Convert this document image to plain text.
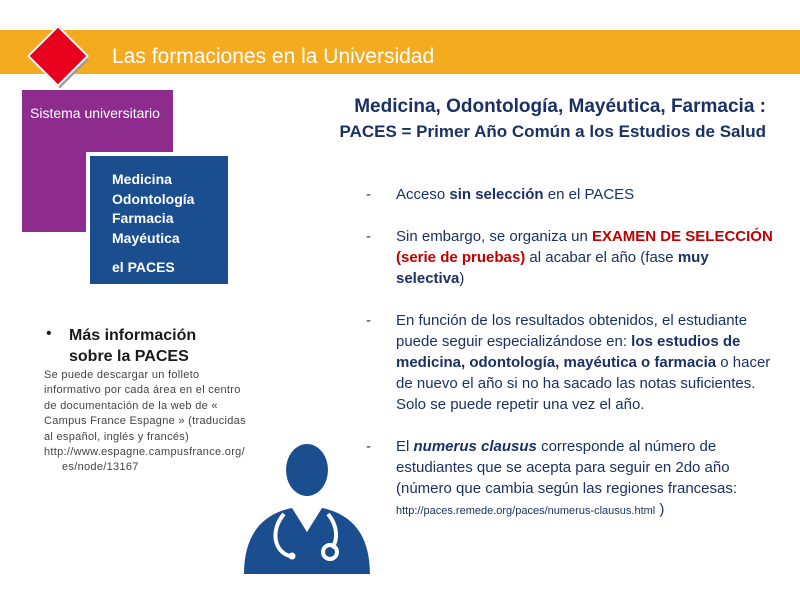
Las formaciones en la Universidad
Sistema universitario
Medicina
Odontología
Farmacia
Mayéutica
el PACES
• Más información sobre la PACES
Se puede descargar un folleto informativo por cada área en el centro de documentación de la web de « Campus France Espagne » (traducidas al español, inglés y francés)
http://www.espagne.campusfrance.org/es/node/13167
Medicina, Odontología, Mayéutica, Farmacia :
PACES = Primer Año Común a los Estudios de Salud
- Acceso sin selección en el PACES
- Sin embargo, se organiza un EXAMEN DE SELECCIÓN (serie de pruebas) al acabar el año (fase muy selectiva)
- En función de los resultados obtenidos, el estudiante puede seguir especializándose en: los estudios de medicina, odontología, mayéutica o farmacia o hacer de nuevo el año si no ha sacado las notas suficientes. Solo se puede repetir una vez el año.
- El numerus clausus corresponde al número de estudiantes que se acepta para seguir en 2do año (número que cambia según las regiones francesas: http://paces.remede.org/paces/numerus-clausus.html )
